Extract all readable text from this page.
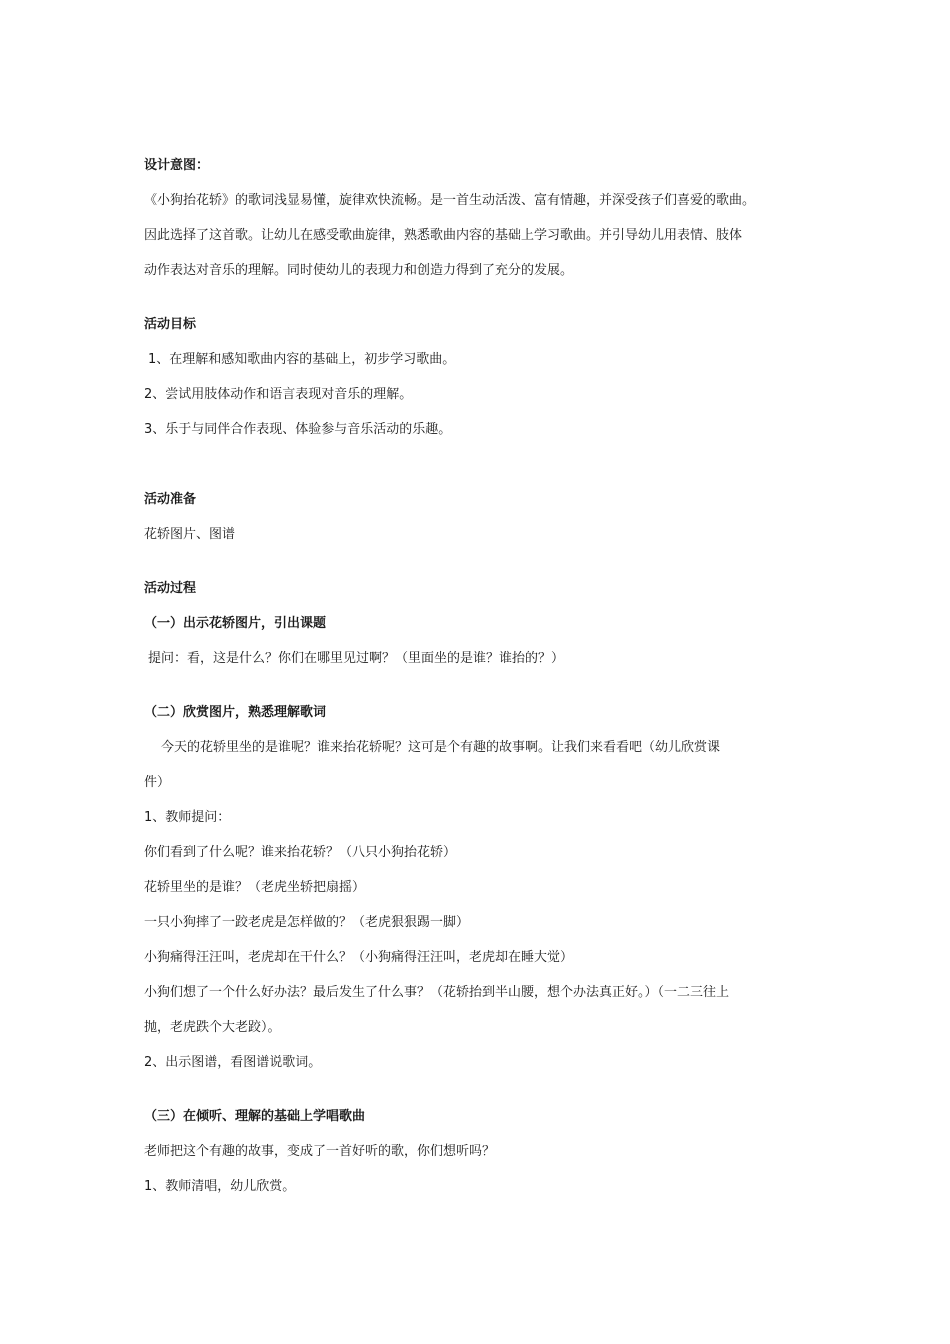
设计意图：
《小狗抬花轿》的歌词浅显易懂，旋律欢快流畅。是一首生动活泼、富有情趣，并深受孩子们喜爱的歌曲。
因此选择了这首歌。让幼儿在感受歌曲旋律，熟悉歌曲内容的基础上学习歌曲。并引导幼儿用表情、肢体
动作表达对音乐的理解。同时使幼儿的表现力和创造力得到了充分的发展。
活动目标
1、在理解和感知歌曲内容的基础上，初步学习歌曲。
2、尝试用肢体动作和语言表现对音乐的理解。
3、乐于与同伴合作表现、体验参与音乐活动的乐趣。
活动准备
花轿图片、图谱
活动过程
（一）出示花轿图片，引出课题
提问：看，这是什么？你们在哪里见过啊？（里面坐的是谁？谁抬的？）
（二）欣赏图片，熟悉理解歌词
今天的花轿里坐的是谁呢？谁来抬花轿呢？这可是个有趣的故事啊。让我们来看看吧（幼儿欣赏课
件）
1、教师提问：
你们看到了什么呢？谁来抬花轿？（八只小狗抬花轿）
花轿里坐的是谁？（老虎坐轿把扇摇）
一只小狗摔了一跤老虎是怎样做的？（老虎狠狠踢一脚）
小狗痛得汪汪叫，老虎却在干什么？（小狗痛得汪汪叫，老虎却在睡大觉）
小狗们想了一个什么好办法？最后发生了什么事？（花轿抬到半山腰，想个办法真正好。）（一二三往上
抛，老虎跌个大老跤）。
2、出示图谱，看图谱说歌词。
（三）在倾听、理解的基础上学唱歌曲
老师把这个有趣的故事，变成了一首好听的歌，你们想听吗？
1、教师清唱，幼儿欣赏。
